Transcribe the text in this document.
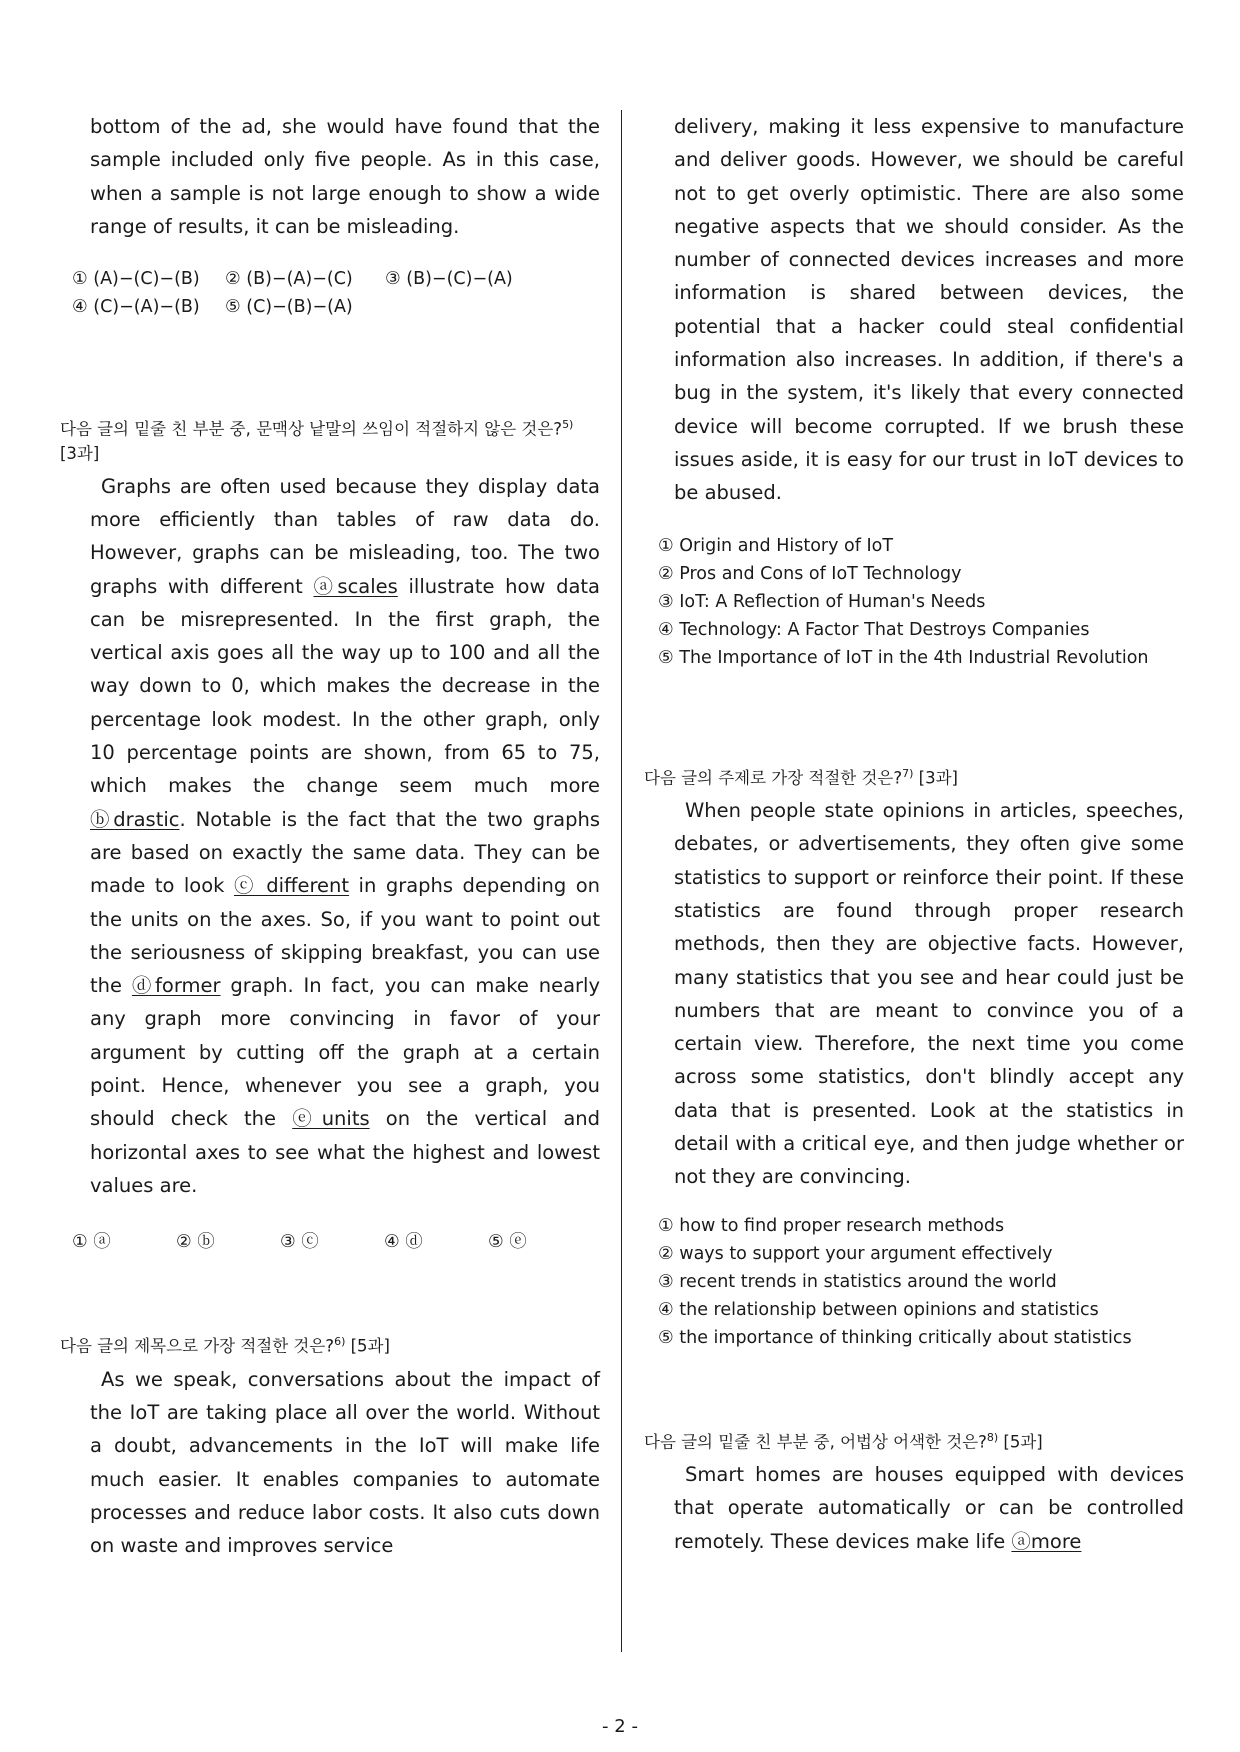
bottom of the ad, she would have found that the sample included only five people. As in this case, when a sample is not large enough to show a wide range of results, it can be misleading.

① (A)−(C)−(B)	② (B)−(A)−(C)	③ (B)−(C)−(A)
④ (C)−(A)−(B)	⑤ (C)−(B)−(A)
다음 글의 밑줄 친 부분 중, 문맥상 낱말의 쓰임이 적절하지 않은 것은?$^{5)}$ [3과]

Graphs are often used because they display data more efficiently than tables of raw data do. However, graphs can be misleading, too. The two graphs with different ⓐscales illustrate how data can be misrepresented. In the first graph, the vertical axis goes all the way up to 100 and all the way down to 0, which makes the decrease in the percentage look modest. In the other graph, only 10 percentage points are shown, from 65 to 75, which makes the change seem much more ⓑdrastic. Notable is the fact that the two graphs are based on exactly the same data. They can be made to look ⓒ different in graphs depending on the units on the axes. So, if you want to point out the seriousness of skipping breakfast, you can use the ⓓformer graph. In fact, you can make nearly any graph more convincing in favor of your argument by cutting off the graph at a certain point. Hence, whenever you see a graph, you should check the ⓔunits on the vertical and horizontal axes to see what the highest and lowest values are.

① ⓐ	② ⓑ	③ ⓒ	④ ⓓ	⑤ ⓔ
다음 글의 제목으로 가장 적절한 것은?$^{6)}$ [5과]

As we speak, conversations about the impact of the IoT are taking place all over the world. Without a doubt, advancements in the IoT will make life much easier. It enables companies to automate processes and reduce labor costs. It also cuts down on waste and improves service

delivery, making it less expensive to manufacture and deliver goods. However, we should be careful not to get overly optimistic. There are also some negative aspects that we should consider. As the number of connected devices increases and more information is shared between devices, the potential that a hacker could steal confidential information also increases. In addition, if there's a bug in the system, it's likely that every connected device will become corrupted. If we brush these issues aside, it is easy for our trust in IoT devices to be abused.

① Origin and History of IoT
② Pros and Cons of IoT Technology
③ IoT: A Reflection of Human's Needs
④ Technology: A Factor That Destroys Companies
⑤ The Importance of IoT in the 4th Industrial Revolution
다음 글의 주제로 가장 적절한 것은?$^{7)}$ [3과]

When people state opinions in articles, speeches, debates, or advertisements, they often give some statistics to support or reinforce their point. If these statistics are found through proper research methods, then they are objective facts. However, many statistics that you see and hear could just be numbers that are meant to convince you of a certain view. Therefore, the next time you come across some statistics, don't blindly accept any data that is presented. Look at the statistics in detail with a critical eye, and then judge whether or not they are convincing.

① how to find proper research methods
② ways to support your argument effectively
③ recent trends in statistics around the world
④ the relationship between opinions and statistics
⑤ the importance of thinking critically about statistics
다음 글의 밑줄 친 부분 중, 어법상 어색한 것은?$^{8)}$ [5과]

Smart homes are houses equipped with devices that operate automatically or can be controlled remotely. These devices make life ⓐmore

- 2 -
